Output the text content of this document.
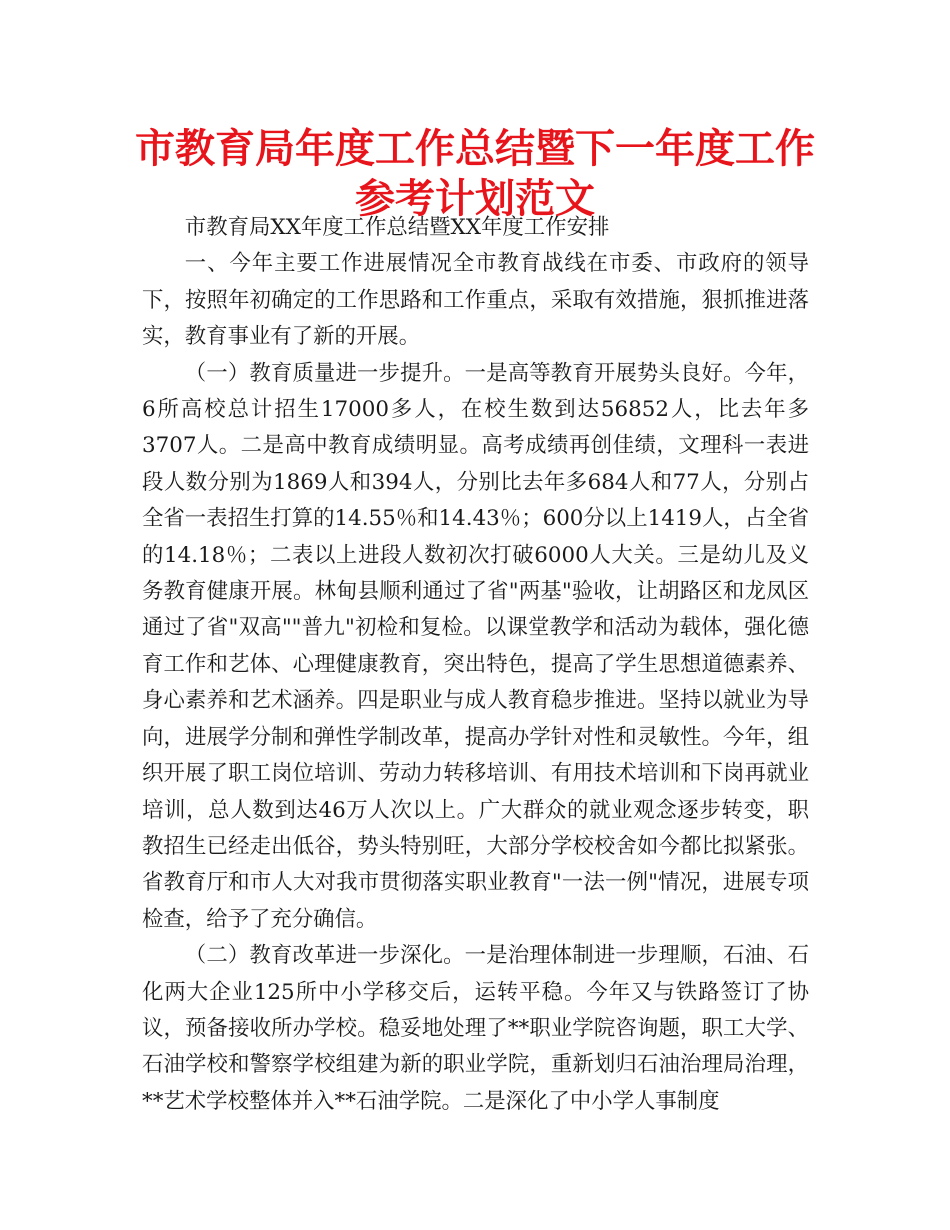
市教育局年度工作总结暨下一年度工作参考计划范文

市教育局XX年度工作总结暨XX年度工作安排

一、今年主要工作进展情况全市教育战线在市委、市政府的领导下，按照年初确定的工作思路和工作重点，采取有效措施，狠抓推进落实，教育事业有了新的开展。

（一）教育质量进一步提升。一是高等教育开展势头良好。今年，6所高校总计招生17000多人，在校生数到达56852人，比去年多3707人。二是高中教育成绩明显。高考成绩再创佳绩，文理科一表进段人数分别为1869人和394人，分别比去年多684人和77人，分别占全省一表招生打算的14.55％和14.43％；600分以上1419人，占全省的14.18％；二表以上进段人数初次打破6000人大关。三是幼儿及义务教育健康开展。林甸县顺利通过了省"两基"验收，让胡路区和龙凤区通过了省"双高""普九"初检和复检。以课堂教学和活动为载体，强化德育工作和艺体、心理健康教育，突出特色，提高了学生思想道德素养、身心素养和艺术涵养。四是职业与成人教育稳步推进。坚持以就业为导向，进展学分制和弹性学制改革，提高办学针对性和灵敏性。今年，组织开展了职工岗位培训、劳动力转移培训、有用技术培训和下岗再就业培训，总人数到达46万人次以上。广大群众的就业观念逐步转变，职教招生已经走出低谷，势头特别旺，大部分学校校舍如今都比拟紧张。省教育厅和市人大对我市贯彻落实职业教育"一法一例"情况，进展专项检查，给予了充分确信。

（二）教育改革进一步深化。一是治理体制进一步理顺，石油、石化两大企业125所中小学移交后，运转平稳。今年又与铁路签订了协议，预备接收所办学校。稳妥地处理了**职业学院咨询题，职工大学、石油学校和警察学校组建为新的职业学院，重新划归石油治理局治理，**艺术学校整体并入**石油学院。二是深化了中小学人事制度
